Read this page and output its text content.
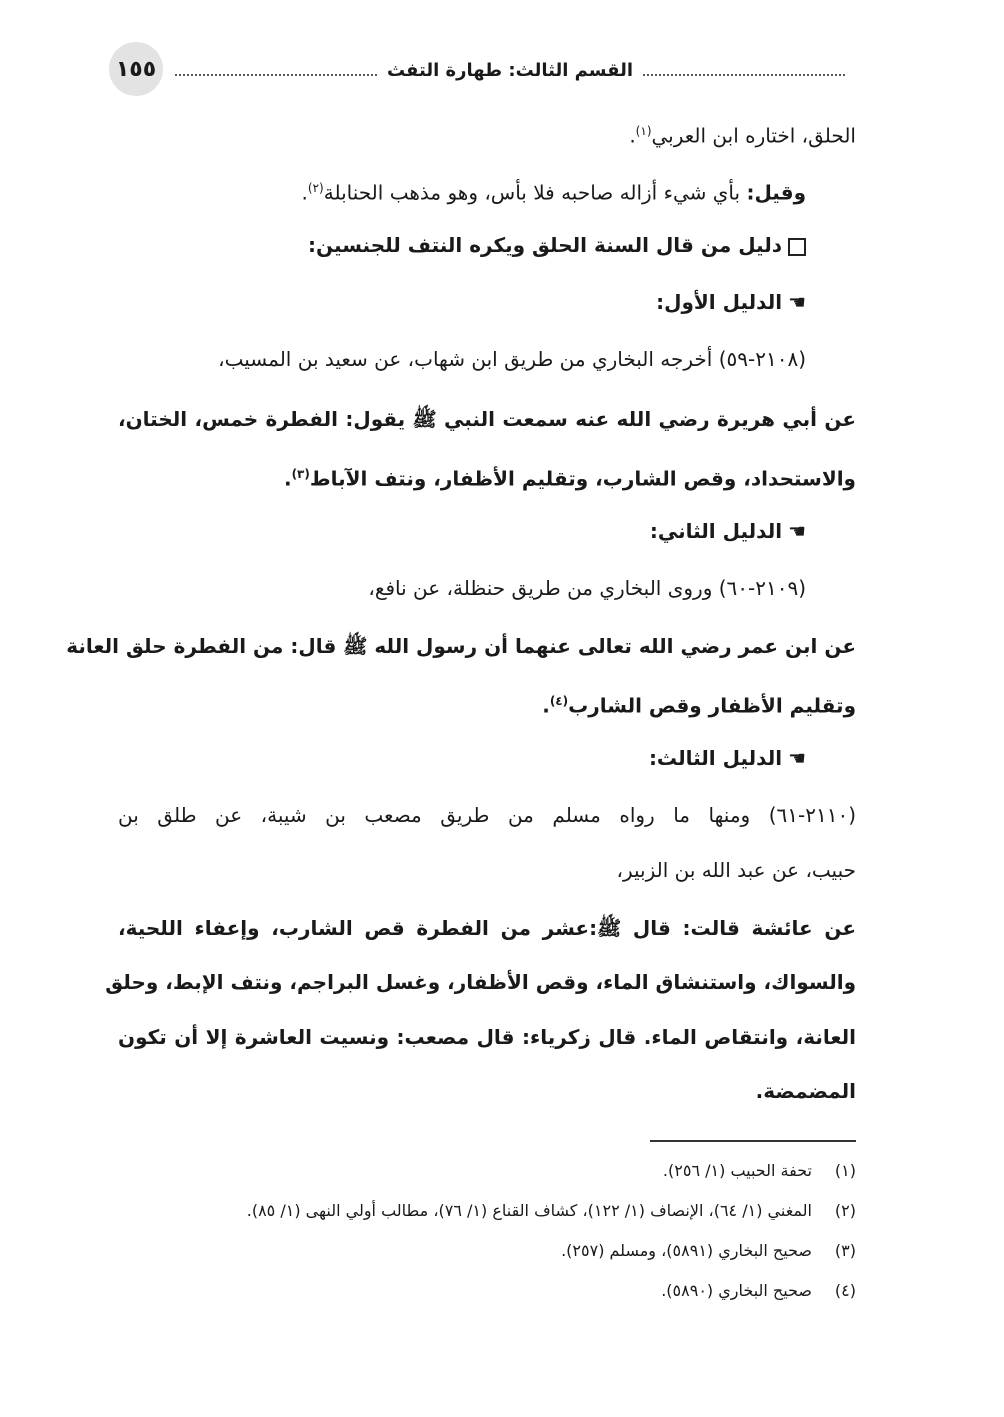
١٥٥	القسم الثالث: طهارة التفث
الحلق، اختاره ابن العربي$^{(١)}$.
وقيل: بأي شيء أزاله صاحبه فلا بأس، وهو مذهب الحنابلة$^{(٢)}$.
دليل من قال السنة الحلق ويكره النتف للجنسين:
☚الدليل الأول:
(٢١٠٨-٥٩) أخرجه البخاري من طريق ابن شهاب، عن سعيد بن المسيب،
عن أبي هريرة رضي الله عنه سمعت النبي ﷺ يقول: الفطرة خمس، الختان،
والاستحداد، وقص الشارب، وتقليم الأظفار، ونتف الآباط$^{(٣)}$.
☚الدليل الثاني:
(٢١٠٩-٦٠) وروى البخاري من طريق حنظلة، عن نافع،
عن ابن عمر رضي الله تعالى عنهما أن رسول الله ﷺ قال: من الفطرة حلق العانة
وتقليم الأظفار وقص الشارب$^{(٤)}$.
☚الدليل الثالث:
(٢١١٠-٦١) ومنها ما رواه مسلم من طريق مصعب بن شيبة، عن طلق بن
حبيب، عن عبد الله بن الزبير،
عن عائشة قالت: قال ﷺ:عشر من الفطرة قص الشارب، وإعفاء اللحية،
والسواك، واستنشاق الماء، وقص الأظفار، وغسل البراجم، ونتف الإبط، وحلق
العانة، وانتقاص الماء. قال زكرياء: قال مصعب: ونسيت العاشرة إلا أن تكون
المضمضة.
(١)تحفة الحبيب (١/ ٢٥٦).
(٢)المغني (١/ ٦٤)، الإنصاف (١/ ١٢٢)، كشاف القناع (١/ ٧٦)، مطالب أولي النهى (١/ ٨٥).
(٣)صحيح البخاري (٥٨٩١)، ومسلم (٢٥٧).
(٤)صحيح البخاري (٥٨٩٠).
